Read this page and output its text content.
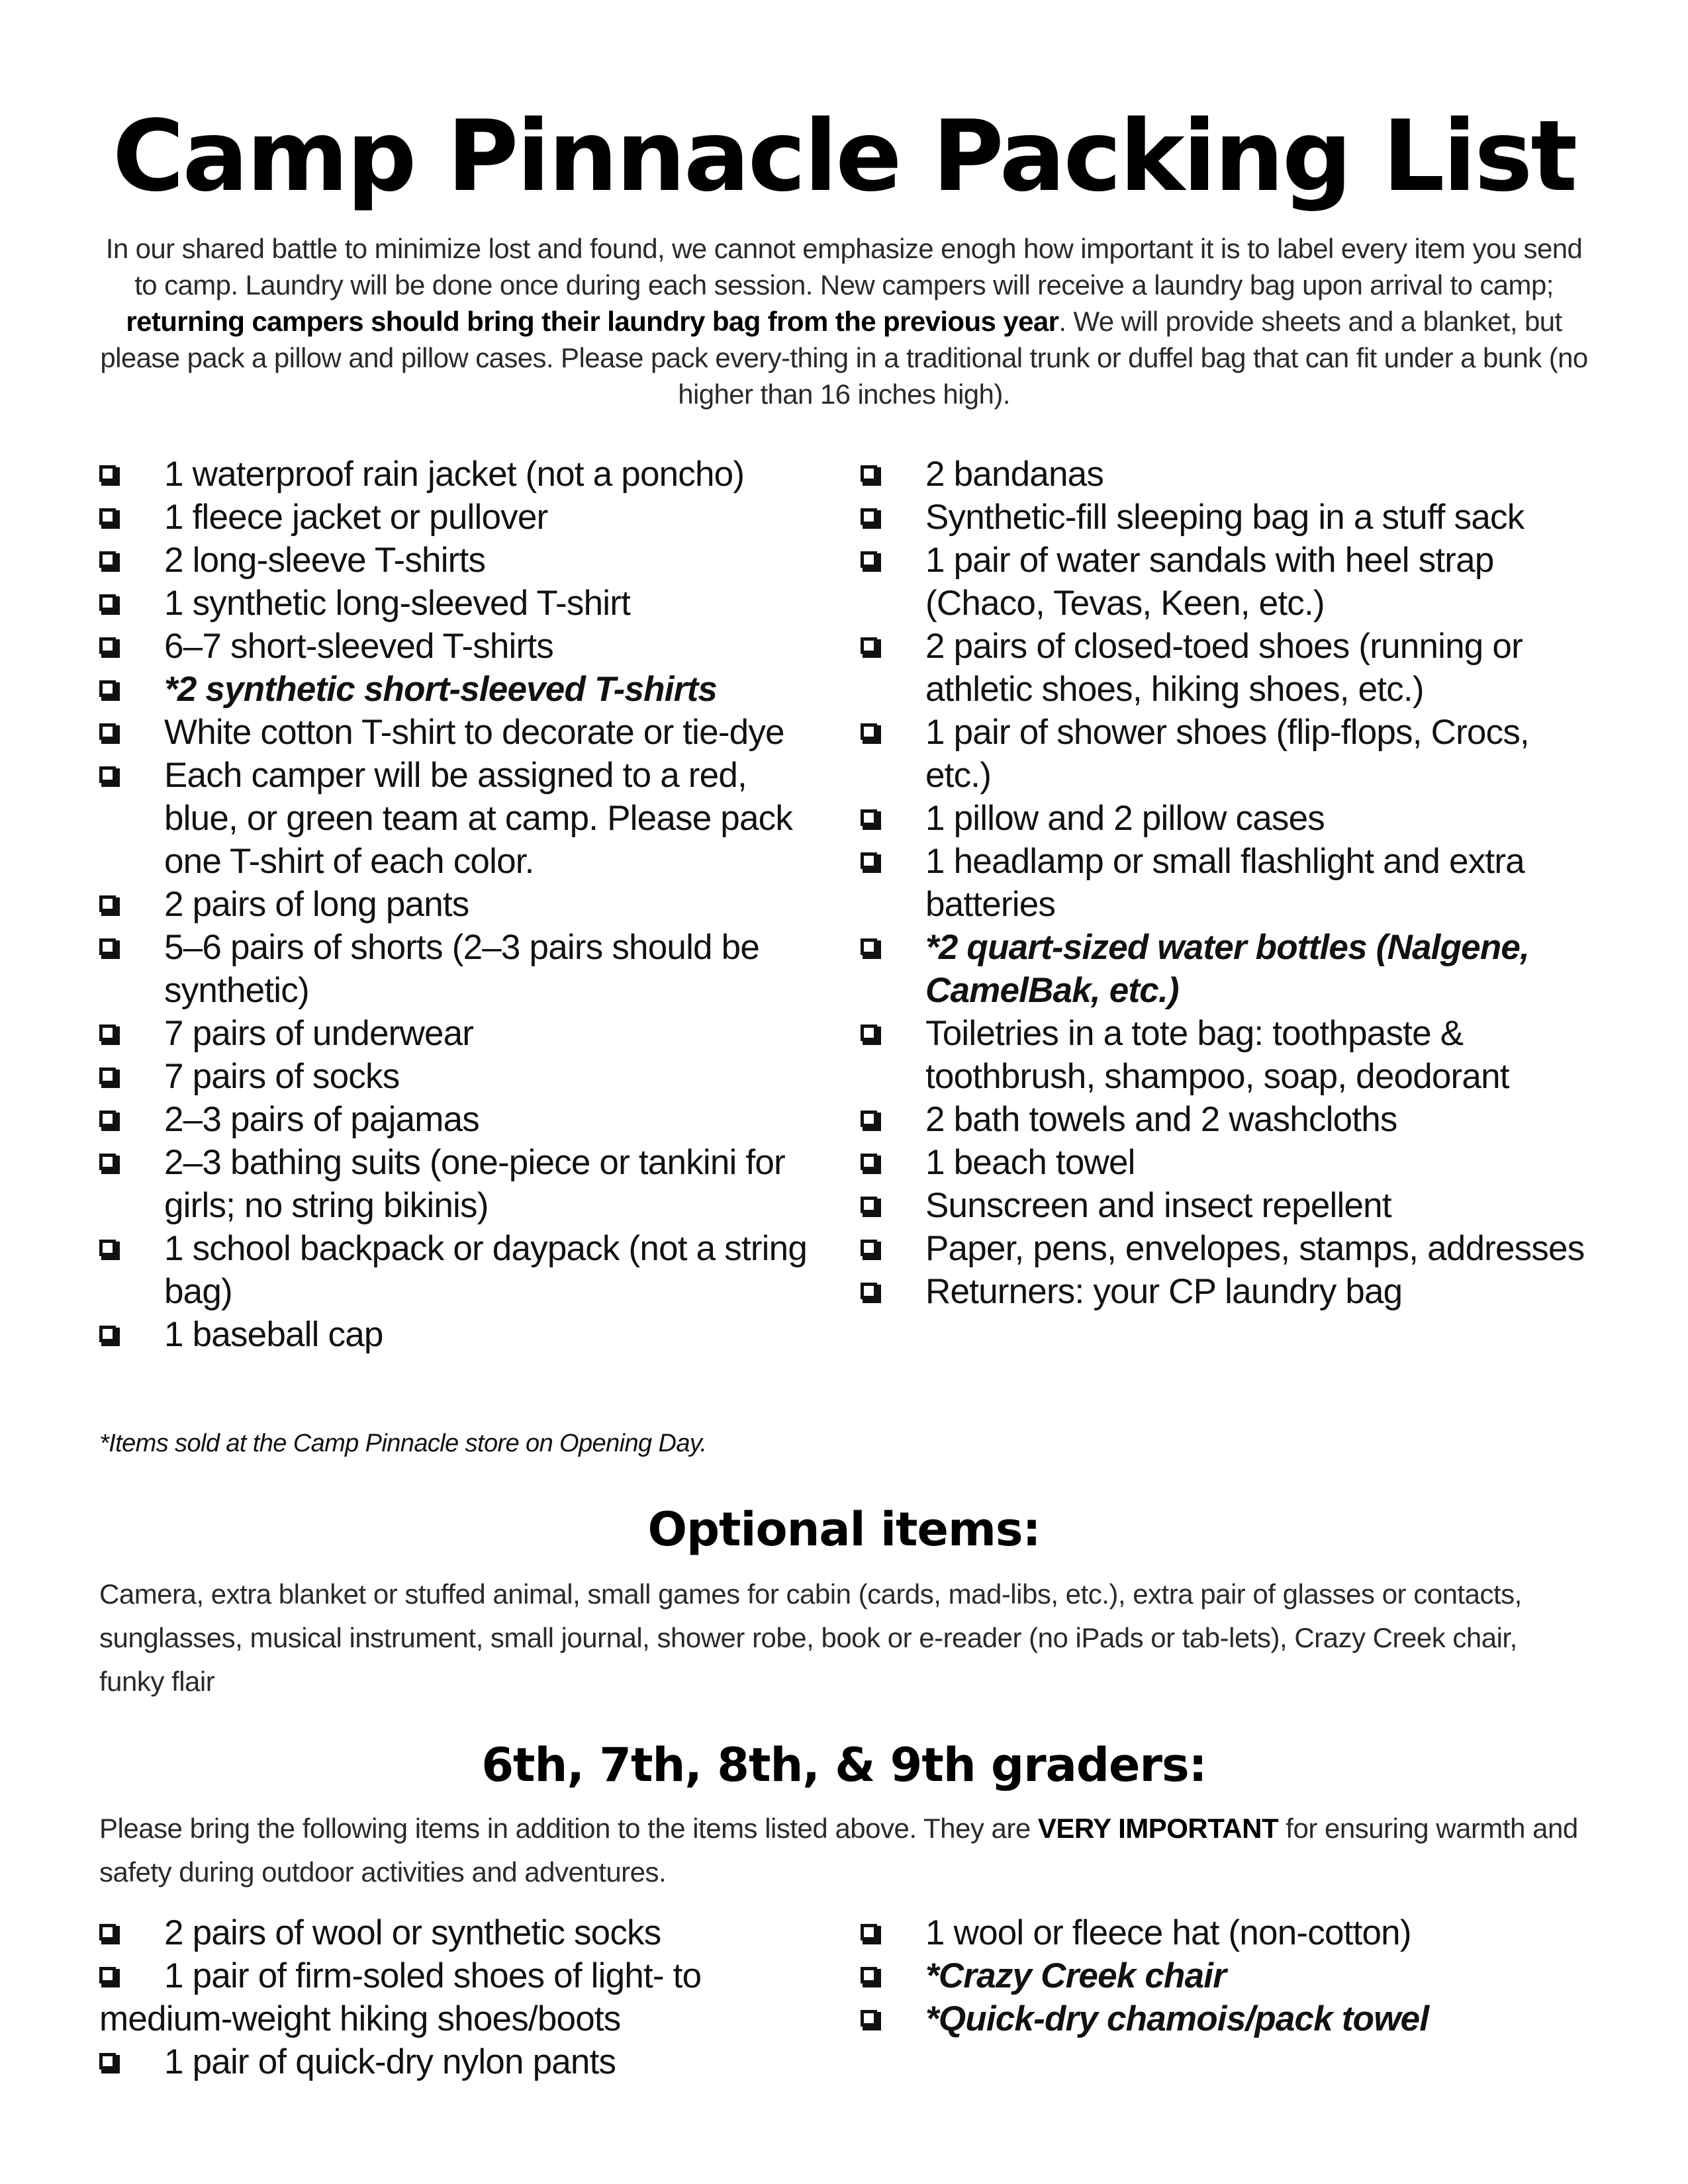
Camp Pinnacle Packing List

In our shared battle to minimize lost and found, we cannot emphasize enogh how important it is to label every item you send to camp. Laundry will be done once during each session. New campers will receive a laundry bag upon arrival to camp; returning campers should bring their laundry bag from the previous year. We will provide sheets and a blanket, but please pack a pillow and pillow cases. Please pack every-thing in a traditional trunk or duffel bag that can fit under a bunk (no higher than 16 inches high).

1 waterproof rain jacket (not a poncho)
1 fleece jacket or pullover
2 long-sleeve T-shirts
1 synthetic long-sleeved T-shirt
6–7 short-sleeved T-shirts
*2 synthetic short-sleeved T-shirts
White cotton T-shirt to decorate or tie-dye
Each camper will be assigned to a red, blue, or green team at camp. Please pack one T-shirt of each color.
2 pairs of long pants
5–6 pairs of shorts (2–3 pairs should be synthetic)
7 pairs of underwear
7 pairs of socks
2–3 pairs of pajamas
2–3 bathing suits (one-piece or tankini for girls; no string bikinis)
1 school backpack or daypack (not a string bag)
1 baseball cap
2 bandanas
Synthetic-fill sleeping bag in a stuff sack
1 pair of water sandals with heel strap (Chaco, Tevas, Keen, etc.)
2 pairs of closed-toed shoes (running or athletic shoes, hiking shoes, etc.)
1 pair of shower shoes (flip-flops, Crocs, etc.)
1 pillow and 2 pillow cases
1 headlamp or small flashlight and extra batteries
*2 quart-sized water bottles (Nalgene, CamelBak, etc.)
Toiletries in a tote bag: toothpaste & toothbrush, shampoo, soap, deodorant
2 bath towels and 2 washcloths
1 beach towel
Sunscreen and insect repellent
Paper, pens, envelopes, stamps, addresses
Returners: your CP laundry bag
*Items sold at the Camp Pinnacle store on Opening Day.
Optional items:

Camera, extra blanket or stuffed animal, small games for cabin (cards, mad-libs, etc.), extra pair of glasses or contacts, sunglasses, musical instrument, small journal, shower robe, book or e-reader (no iPads or tab-lets), Crazy Creek chair, funky flair

6th, 7th, 8th, & 9th graders:

Please bring the following items in addition to the items listed above. They are VERY IMPORTANT for ensuring warmth and safety during outdoor activities and adventures.

2 pairs of wool or synthetic socks
1 pair of firm-soled shoes of light- to medium-weight hiking shoes/boots
1 pair of quick-dry nylon pants
1 wool or fleece hat (non-cotton)
*Crazy Creek chair
*Quick-dry chamois/pack towel
